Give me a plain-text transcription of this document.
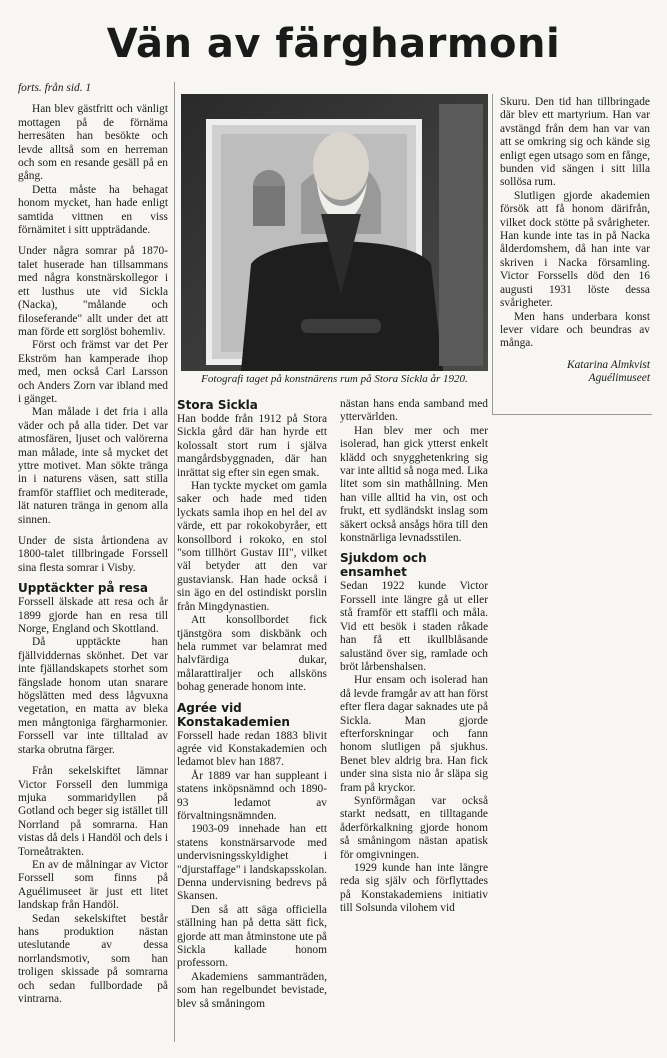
Vän av färgharmoni
Fotografi taget på konstnärens rum på Stora Sickla år 1920.

forts. från sid. 1

Han blev gästfritt och vänligt mottagen på de förnäma herresäten han besökte och levde alltså som en herreman och som en resande gesäll på en gång.

Detta måste ha behagat honom mycket, han hade enligt samtida vittnen en viss förnämitet i sitt uppträdande.

Under några somrar på 1870-talet huserade han tillsammans med några konstnärskollegor i ett lusthus ute vid Sickla (Nacka), "målande och filoseferande" allt under det att man förde ett sorglöst bohemliv.

Först och främst var det Per Ekström han kamperade ihop med, men också Carl Larsson och Anders Zorn var ibland med i gänget.

Man målade i det fria i alla väder och på alla tider. Det var atmosfären, ljuset och valörerna man målade, inte så mycket det yttre motivet. Man sökte tränga in i naturens väsen, satt stilla framför staffliet och mediterade, lät naturen tränga in genom alla sinnen.

Under de sista årtiondena av 1800-talet tillbringade Forssell sina flesta somrar i Visby.

Upptäckter på resa

Forssell älskade att resa och år 1899 gjorde han en resa till Norge, England och Skottland.

Då upptäckte han fjällviddernas skönhet. Det var inte fjällandskapets storhet som fängslade honom utan snarare högslätten med dess lågvuxna vegetation, en matta av bleka men mångtoniga färgharmonier. Forssell var inte tilltalad av starka obrutna färger.

Från sekelskiftet lämnar Victor Forssell den lummiga mjuka sommaridyllen på Gotland och beger sig istället till Norrland på somrarna. Han vistas då dels i Handöl och dels i Torneåtrakten.

En av de målningar av Victor Forssell som finns på Aguélimuseet är just ett litet landskap från Handöl.

Sedan sekelskiftet består hans produktion nästan uteslutande av dessa norrlandsmotiv, som han troligen skissade på somrarna och sedan fullbordade på vintrarna.

Stora Sickla

Han bodde från 1912 på Stora Sickla gård där han hyrde ett kolossalt stort rum i själva mangårdsbyggnaden, där han inrättat sig efter sin egen smak.

Han tyckte mycket om gamla saker och hade med tiden lyckats samla ihop en hel del av värde, ett par rokokobyråer, ett konsollbord i rokoko, en stol "som tillhört Gustav III", vilket väl betyder att den var gustaviansk. Han hade också i sin ägo en del ostindiskt porslin från Mingdynastien.

Att konsollbordet fick tjänstgöra som diskbänk och hela rummet var belamrat med halvfärdiga dukar, målarattiraljer och allsköns bohag generade honom inte.

Agrée vid Konstakademien

Forssell hade redan 1883 blivit agrée vid Konstakademien och ledamot blev han 1887.

År 1889 var han suppleant i statens inköpsnämnd och 1890-93 ledamot av förvaltningsnämnden.

1903-09 innehade han ett statens konstnärsarvode med undervisningsskyldighet i "djurstaffage" i landskapsskolan. Denna undervisning bedrevs på Skansen.

Den så att säga officiella ställning han på detta sätt fick, gjorde att man åtminstone ute på Sickla kallade honom professorn.

Akademiens sammanträden, som han regelbundet bevistade, blev så småningom

nästan hans enda samband med yttervärlden.

Han blev mer och mer isolerad, han gick ytterst enkelt klädd och snygghetenkring sig var inte alltid så noga med. Lika litet som sin mathållning. Men han ville alltid ha vin, ost och frukt, ett sydländskt inslag som säkert också ansågs höra till den konstnärliga levnadsstilen.

Sjukdom och ensamhet

Sedan 1922 kunde Victor Forssell inte längre gå ut eller stå framför ett staffli och måla. Vid ett besök i staden råkade han få ett ikullblåsande saluständ över sig, ramlade och bröt lårbenshalsen.

Hur ensam och isolerad han då levde framgår av att han först efter flera dagar saknades ute på Sickla. Man gjorde efterforskningar och fann honom slutligen på sjukhus. Benet blev aldrig bra. Han fick under sina sista nio år släpa sig fram på kryckor.

Synförmågan var också starkt nedsatt, en tilltagande åderförkalkning gjorde honom så småningom nästan apatisk för omgivningen.

1929 kunde han inte längre reda sig själv och förflyttades på Konstakademiens initiativ till Solsunda vilohem vid

Skuru. Den tid han tillbringade där blev ett martyrium. Han var avstängd från dem han var van att se omkring sig och kände sig enligt egen utsago som en fånge, bunden vid sängen i sitt lilla sollösa rum.

Slutligen gjorde akademien försök att få honom därifrån, vilket dock stötte på svårigheter. Han kunde inte tas in på Nacka ålderdomshem, då han inte var skriven i Nacka församling. Victor Forssells död den 16 augusti 1931 löste dessa svårigheter.

Men hans underbara konst lever vidare och beundras av många.

Katarina Almkvist

Aguélimuseet
